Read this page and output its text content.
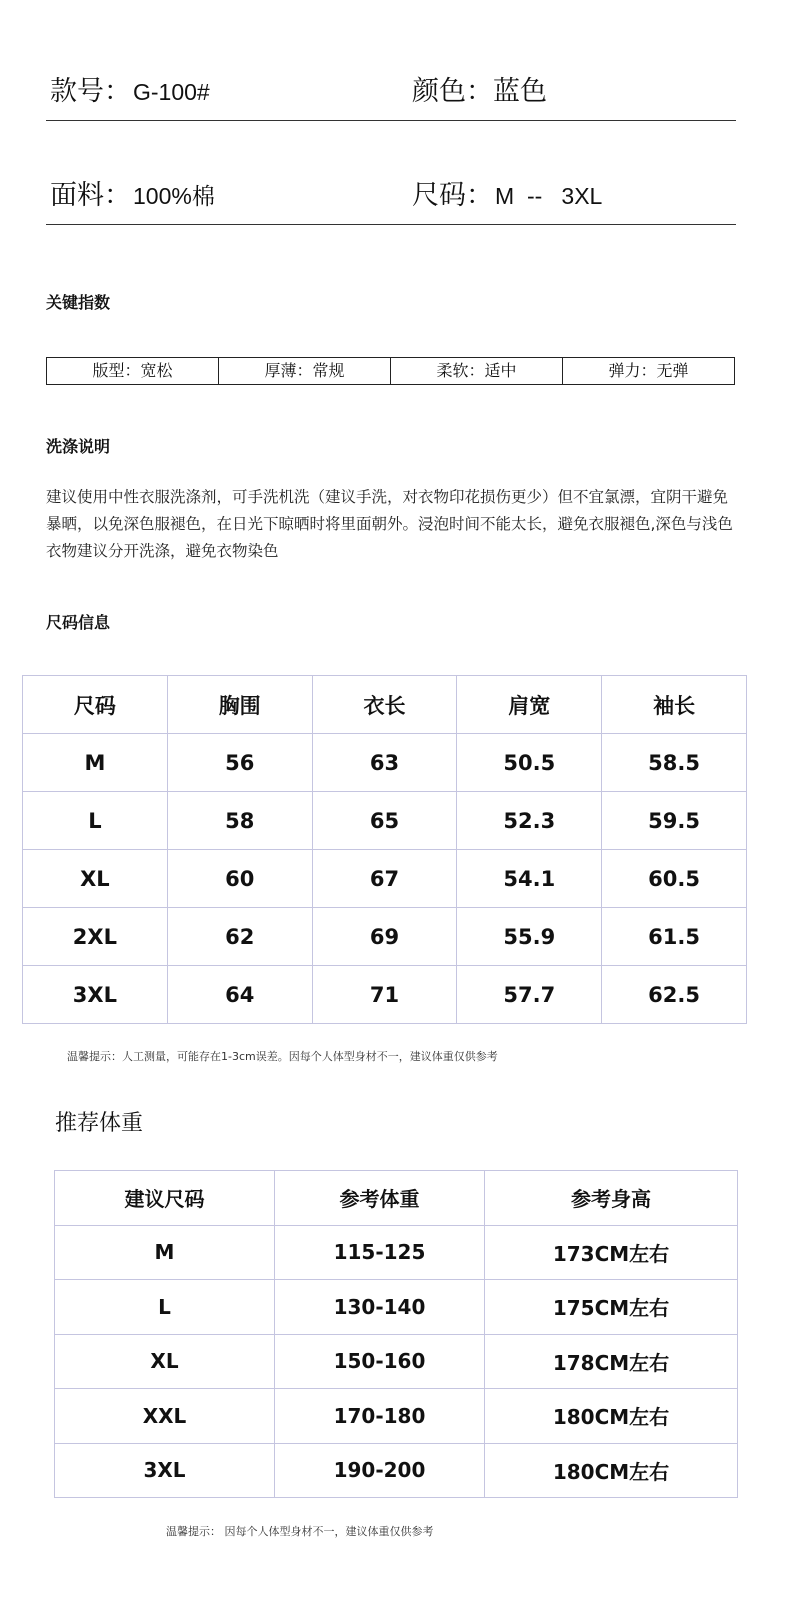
款号：G-100#	颜色：蓝色
面料：100%棉	尺码：M  --   3XL
关键指数
版型：宽松	厚薄：常规	柔软：适中	弹力：无弹
洗涤说明
建议使用中性衣服洗涤剂，可手洗机洗（建议手洗，对衣物印花损伤更少）但不宜氯漂，宜阴干避免暴晒，以免深色服褪色，在日光下晾晒时将里面朝外。浸泡时间不能太长，避免衣服褪色,深色与浅色衣物建议分开洗涤，避免衣物染色
尺码信息
尺码	胸围	衣长	肩宽	袖长
M	56	63	50.5	58.5
L	58	65	52.3	59.5
XL	60	67	54.1	60.5
2XL	62	69	55.9	61.5
3XL	64	71	57.7	62.5
温馨提示：人工测量，可能存在1-3cm误差。因每个人体型身材不一，建议体重仅供参考
推荐体重
建议尺码	参考体重	参考身高
M	115-125	173CM左右
L	130-140	175CM左右
XL	150-160	178CM左右
XXL	170-180	180CM左右
3XL	190-200	180CM左右
温馨提示： 因每个人体型身材不一，建议体重仅供参考
